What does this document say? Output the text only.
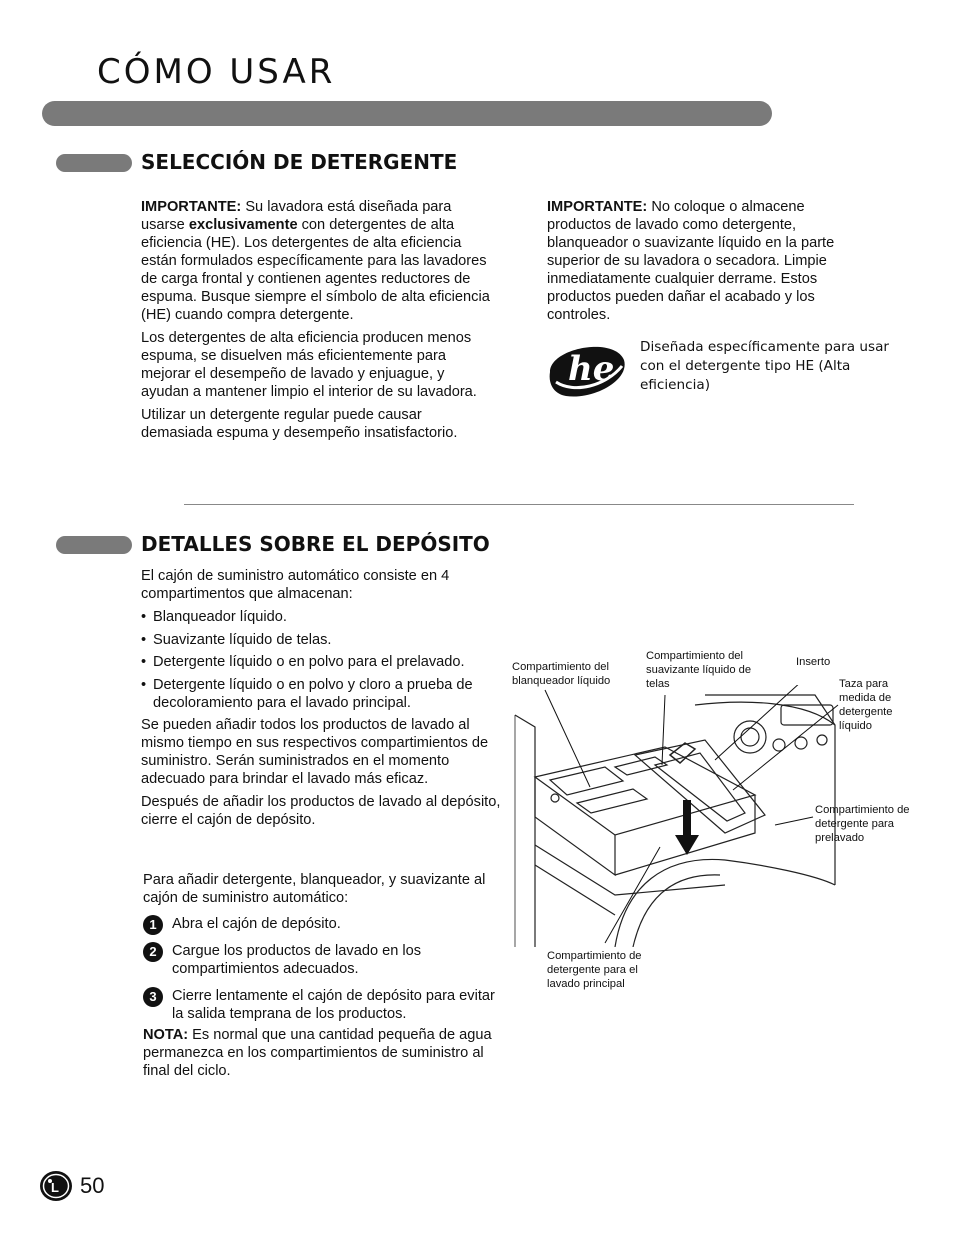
CÓMO USAR
SELECCIÓN DE DETERGENTE

IMPORTANTE: Su lavadora está diseñada para usarse exclusivamente con detergentes de alta eficiencia (HE). Los detergentes de alta eficiencia están formulados específicamente para las lavadores de carga frontal y contienen agentes reductores de espuma. Busque siempre el símbolo de alta eficiencia (HE) cuando compra detergente.

Los detergentes de alta eficiencia producen menos espuma, se disuelven más eficientemente para mejorar el desempeño de lavado y enjuague, y ayudan a mantener limpio el interior de su lavadora.

Utilizar un detergente regular puede causar demasiada espuma y desempeño insatisfactorio.

IMPORTANTE: No coloque o almacene productos de lavado como detergente, blanqueador o suavizante líquido en la parte superior de su lavadora o secadora. Limpie inmediatamente cualquier derrame. Estos productos pueden dañar el acabado y los controles.

he
Diseñada específicamente para usar con el detergente tipo HE (Alta eficiencia)
DETALLES SOBRE EL DEPÓSITO

El cajón de suministro automático consiste en 4 compartimentos que almacenan:

• Blanqueador líquido.
• Suavizante líquido de telas.
• Detergente líquido o en polvo para el prelavado.
• Detergente líquido o en polvo y cloro a prueba de decoloramiento para el lavado principal.

Se pueden añadir todos los productos de lavado al mismo tiempo en sus respectivos compartimientos de suministro. Serán suministrados en el momento adecuado para brindar el lavado más eficaz.

Después de añadir los productos de lavado al depósito, cierre el cajón de depósito.

Para añadir detergente, blanqueador, y suavizante al cajón de suministro automático:

1	Abra el cajón de depósito.
2	Cargue los productos de lavado en los compartimientos adecuados.
3	Cierre lentamente el cajón de depósito para evitar la salida temprana de los productos.

NOTA: Es normal que una cantidad pequeña de agua permanezca en los compartimientos de suministro al final del ciclo.

Compartimiento del blanqueador líquido
Compartimiento del suavizante líquido de telas
Inserto
Taza para medida de detergente líquido
Compartimiento de detergente para prelavado
Compartimiento de detergente para el lavado principal
L 50
